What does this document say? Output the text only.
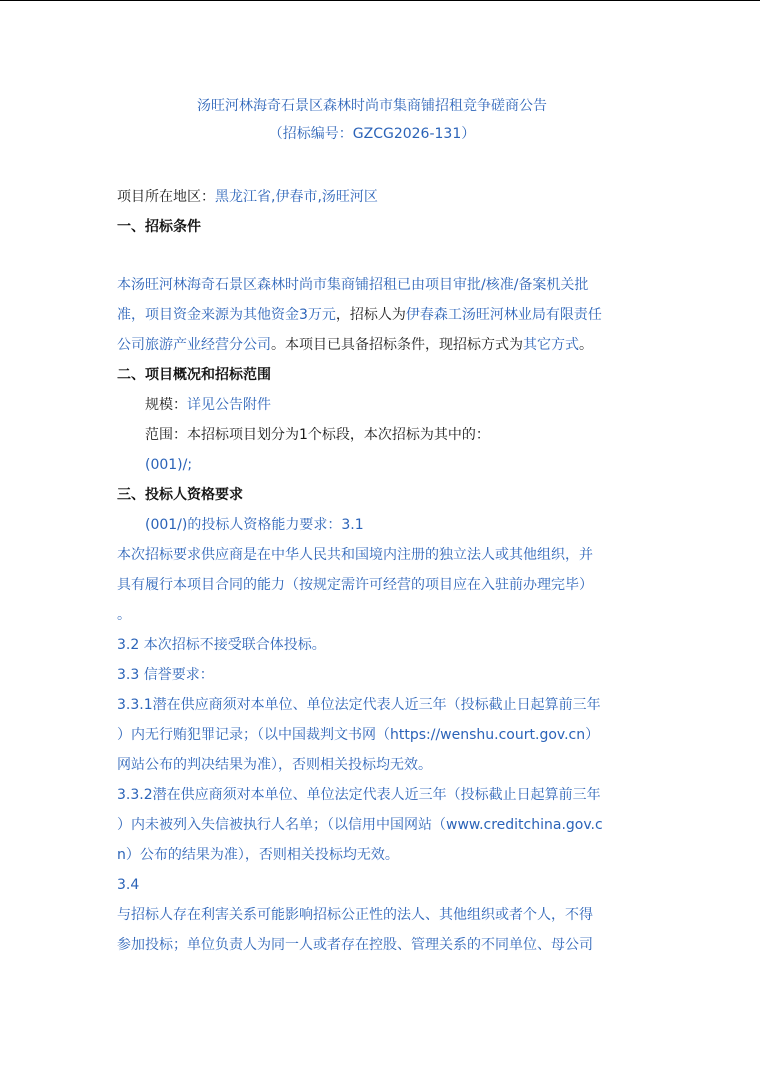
汤旺河林海奇石景区森林时尚市集商铺招租竞争磋商公告
（招标编号：GZCG2026-131）
项目所在地区：黑龙江省,伊春市,汤旺河区
一、招标条件
本汤旺河林海奇石景区森林时尚市集商铺招租已由项目审批/核准/备案机关批
准，项目资金来源为其他资金3万元，招标人为伊春森工汤旺河林业局有限责任
公司旅游产业经营分公司。本项目已具备招标条件，现招标方式为其它方式。
二、项目概况和招标范围
规模：详见公告附件
范围：本招标项目划分为1个标段，本次招标为其中的：
(001)/;
三、投标人资格要求
(001/)的投标人资格能力要求：3.1
本次招标要求供应商是在中华人民共和国境内注册的独立法人或其他组织，并
具有履行本项目合同的能力（按规定需许可经营的项目应在入驻前办理完毕）
。
3.2 本次招标不接受联合体投标。
3.3 信誉要求：
3.3.1潜在供应商须对本单位、单位法定代表人近三年（投标截止日起算前三年
）内无行贿犯罪记录；（以中国裁判文书网（https://wenshu.court.gov.cn）
网站公布的判决结果为准），否则相关投标均无效。
3.3.2潜在供应商须对本单位、单位法定代表人近三年（投标截止日起算前三年
）内未被列入失信被执行人名单；（以信用中国网站（www.creditchina.gov.c
n）公布的结果为准），否则相关投标均无效。
3.4
与招标人存在利害关系可能影响招标公正性的法人、其他组织或者个人，不得
参加投标；单位负责人为同一人或者存在控股、管理关系的不同单位、母公司
